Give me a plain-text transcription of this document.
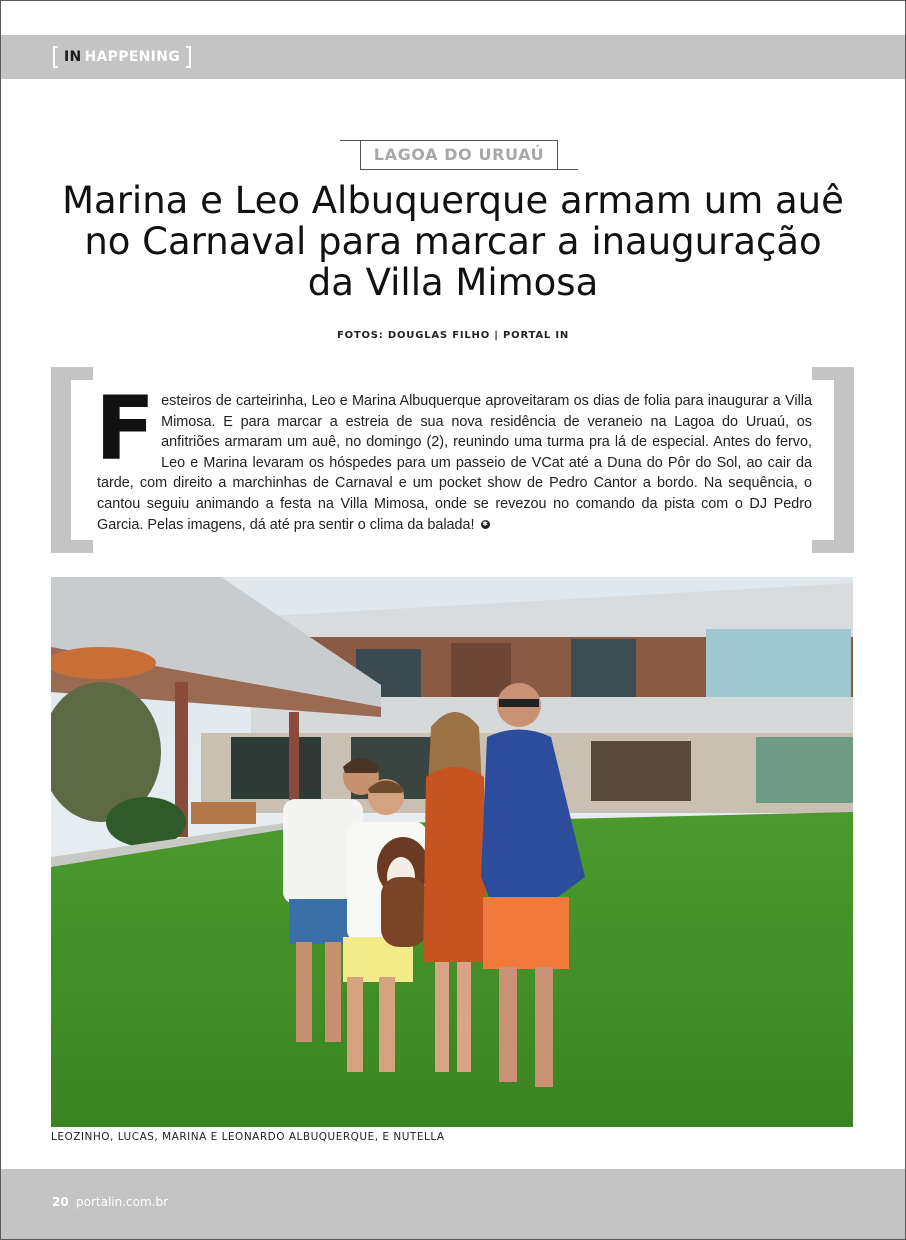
IN HAPPENING
LAGOA DO URUAÚ
Marina e Leo Albuquerque armam um auê no Carnaval para marcar a inauguração da Villa Mimosa
FOTOS: DOUGLAS FILHO | PORTAL IN

Festeiros de carteirinha, Leo e Marina Albuquerque aproveitaram os dias de folia para inaugurar a Villa Mimosa. E para marcar a estreia de sua nova residência de veraneio na Lagoa do Uruaú, os anfitriões armaram um auê, no domingo (2), reunindo uma turma pra lá de especial. Antes do fervo, Leo e Marina levaram os hóspedes para um passeio de VCat até a Duna do Pôr do Sol, ao cair da tarde, com direito a marchinhas de Carnaval e um pocket show de Pedro Cantor a bordo. Na sequência, o cantou seguiu animando a festa na Villa Mimosa, onde se revezou no comando da pista com o DJ Pedro Garcia. Pelas imagens, dá até pra sentir o clima da balada! ✱

LEOZINHO, LUCAS, MARINA E LEONARDO ALBUQUERQUE, E NUTELLA
20 portalin.com.br
